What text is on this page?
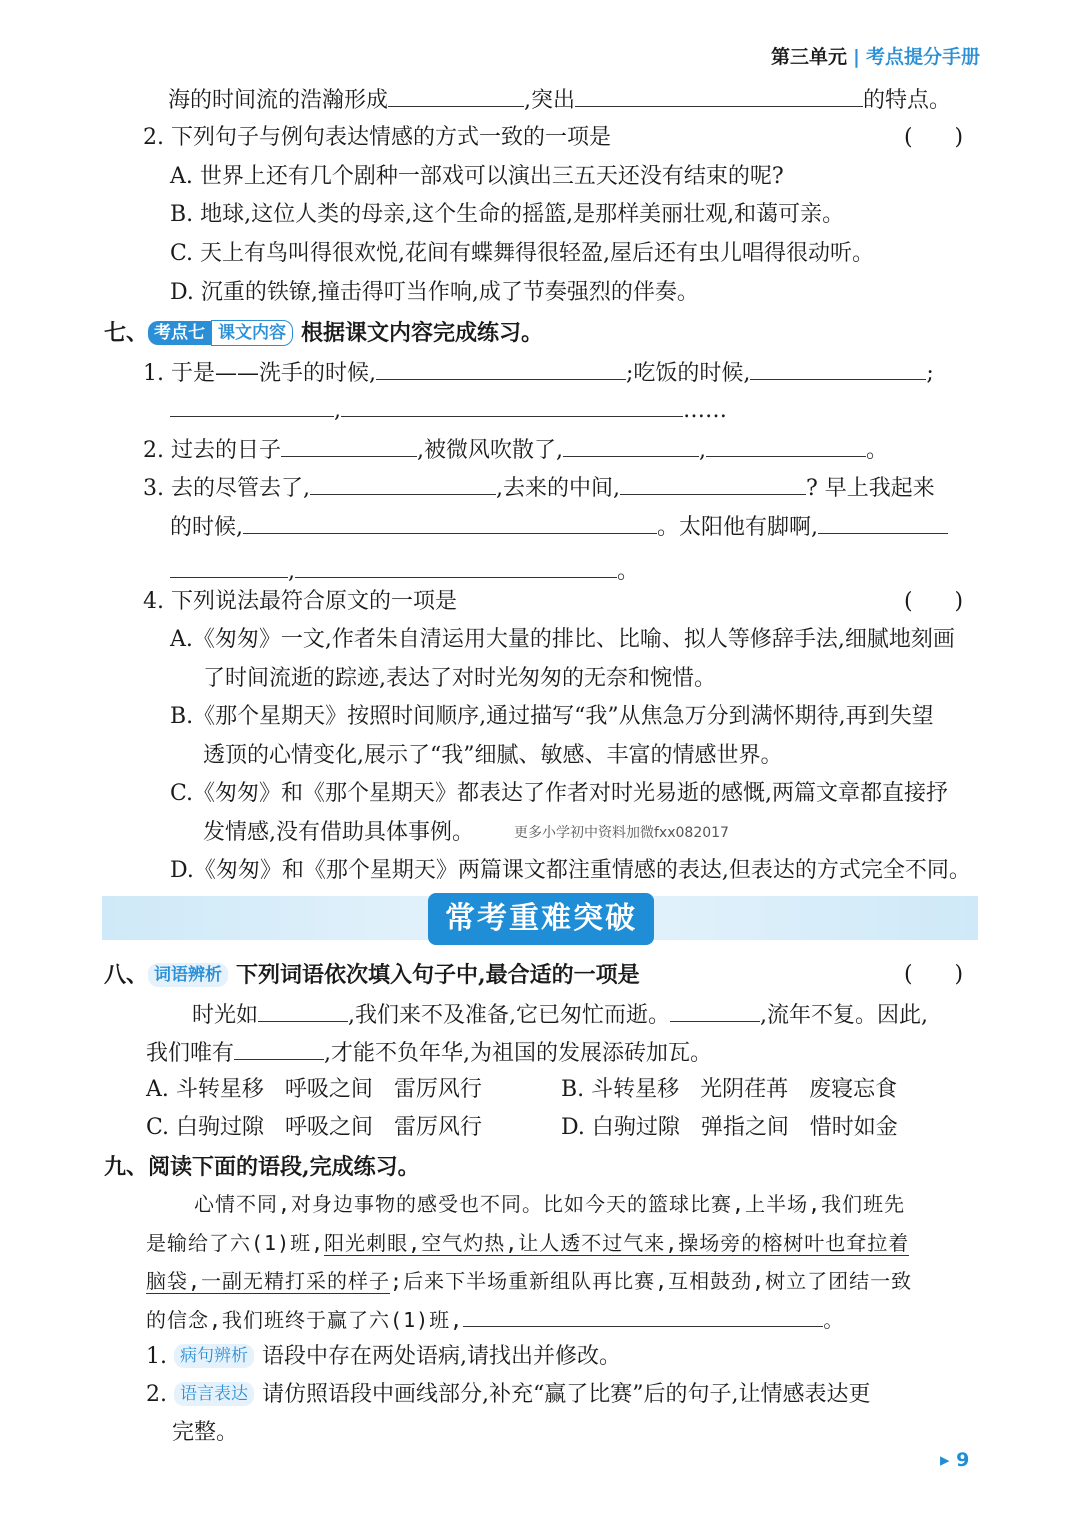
第三单元 | 考点提分手册
海的时间流的浩瀚形成	,突出	的特点。
2. 下列句子与例句表达情感的方式一致的一项是	(      )
A. 世界上还有几个剧种一部戏可以演出三五天还没有结束的呢?
B. 地球,这位人类的母亲,这个生命的摇篮,是那样美丽壮观,和蔼可亲。
C. 天上有鸟叫得很欢悦,花间有蝶舞得很轻盈,屋后还有虫儿唱得很动听。
D. 沉重的铁镣,撞击得叮当作响,成了节奏强烈的伴奏。
七、 考点七 课文内容 根据课文内容完成练习。
1. 于是——洗手的时候,	;吃饭的时候,	;
,	……
2. 过去的日子	,被微风吹散了,	,	。
3. 去的尽管去了,	,去来的中间,	? 早上我起来
的时候,	。太阳他有脚啊,
,	。
4. 下列说法最符合原文的一项是	(      )
A.《匆匆》一文,作者朱自清运用大量的排比、比喻、拟人等修辞手法,细腻地刻画
了时间流逝的踪迹,表达了对时光匆匆的无奈和惋惜。
B.《那个星期天》按照时间顺序,通过描写“我”从焦急万分到满怀期待,再到失望
透顶的心情变化,展示了“我”细腻、敏感、丰富的情感世界。
C.《匆匆》和《那个星期天》都表达了作者对时光易逝的感慨,两篇文章都直接抒
发情感,没有借助具体事例。	更多小学初中资料加微fxx082017
D.《匆匆》和《那个星期天》两篇课文都注重情感的表达,但表达的方式完全不同。
常考重难突破
八、 词语辨析 下列词语依次填入句子中,最合适的一项是	(      )
时光如	,我们来不及准备,它已匆忙而逝。	,流年不复。因此,
我们唯有	,才能不负年华,为祖国的发展添砖加瓦。
A. 斗转星移   呼吸之间   雷厉风行	B. 斗转星移   光阴荏苒   废寝忘食
C. 白驹过隙   呼吸之间   雷厉风行	D. 白驹过隙   弹指之间   惜时如金
九、阅读下面的语段,完成练习。
心情不同,对身边事物的感受也不同。比如今天的篮球比赛,上半场,我们班先
是输给了六(1)班,阳光刺眼,空气灼热,让人透不过气来,操场旁的榕树叶也耷拉着
脑袋,一副无精打采的样子;后来下半场重新组队再比赛,互相鼓劲,树立了团结一致
的信念,我们班终于赢了六(1)班,	。
1. 病句辨析 语段中存在两处语病,请找出并修改。
2. 语言表达 请仿照语段中画线部分,补充“赢了比赛”后的句子,让情感表达更
完整。
▸ 9
